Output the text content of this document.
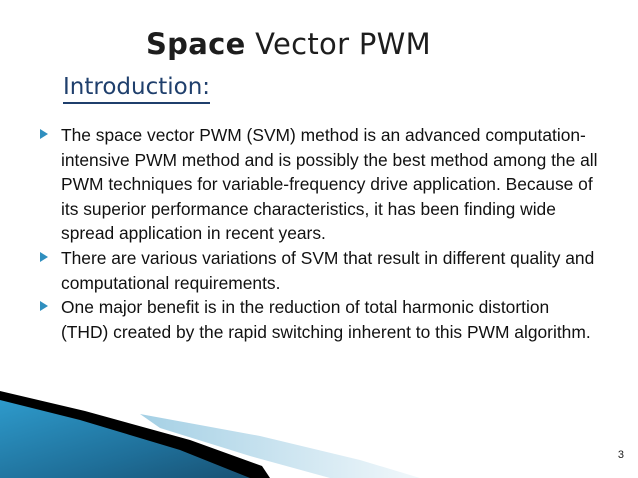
Space Vector PWM
Introduction:
The space vector PWM (SVM) method is an advanced computation-intensive PWM method and is possibly the best method among the all PWM techniques for variable-frequency drive application. Because of its superior performance characteristics, it has been finding wide spread application in recent years.
There are various variations of SVM that result in different quality and computational requirements.
One major benefit is in the reduction of total harmonic distortion (THD) created by the rapid switching inherent to this PWM algorithm.
3
